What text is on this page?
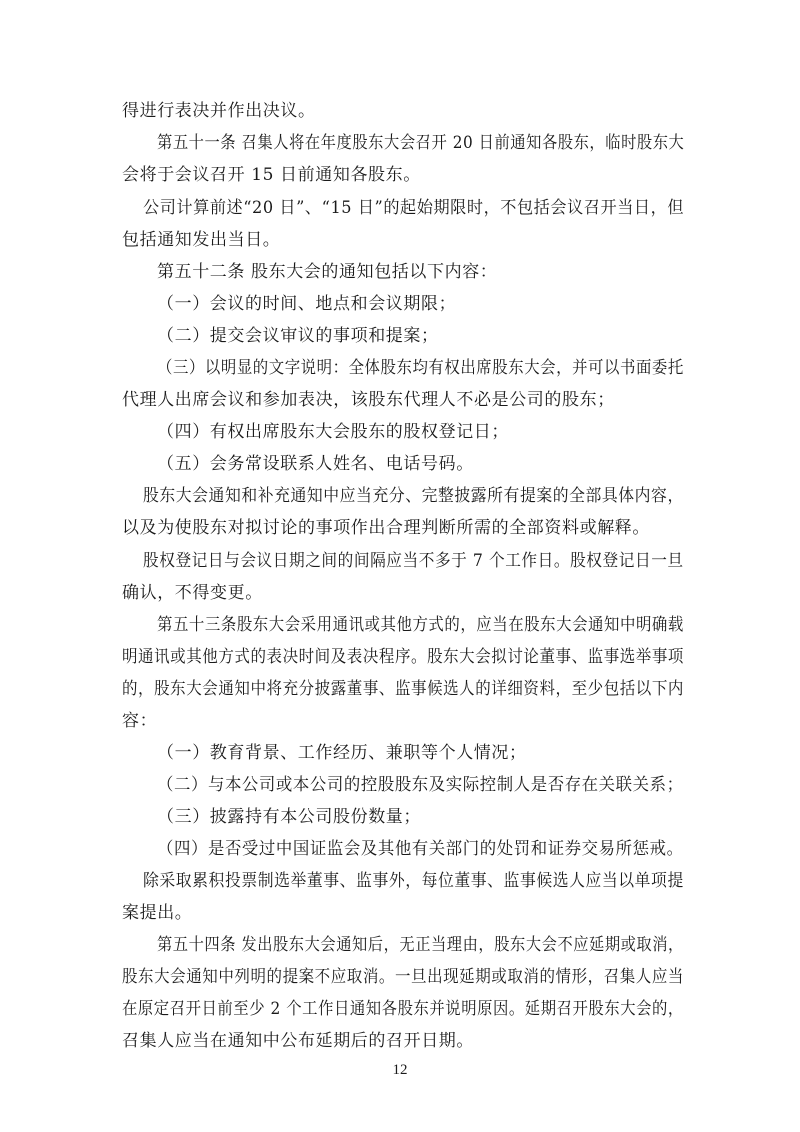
得进行表决并作出决议。
第五十一条 召集人将在年度股东大会召开 20 日前通知各股东，临时股东大
会将于会议召开 15 日前通知各股东。
公司计算前述“20 日”、“15 日”的起始期限时，不包括会议召开当日，但
包括通知发出当日。
第五十二条 股东大会的通知包括以下内容：
（一）会议的时间、地点和会议期限；
（二）提交会议审议的事项和提案；
（三）以明显的文字说明：全体股东均有权出席股东大会，并可以书面委托
代理人出席会议和参加表决，该股东代理人不必是公司的股东；
（四）有权出席股东大会股东的股权登记日；
（五）会务常设联系人姓名、电话号码。
股东大会通知和补充通知中应当充分、完整披露所有提案的全部具体内容，
以及为使股东对拟讨论的事项作出合理判断所需的全部资料或解释。
股权登记日与会议日期之间的间隔应当不多于 7 个工作日。股权登记日一旦
确认，不得变更。
第五十三条股东大会采用通讯或其他方式的，应当在股东大会通知中明确载
明通讯或其他方式的表决时间及表决程序。股东大会拟讨论董事、监事选举事项
的，股东大会通知中将充分披露董事、监事候选人的详细资料，至少包括以下内
容：
（一）教育背景、工作经历、兼职等个人情况；
（二）与本公司或本公司的控股股东及实际控制人是否存在关联关系；
（三）披露持有本公司股份数量；
（四）是否受过中国证监会及其他有关部门的处罚和证券交易所惩戒。
除采取累积投票制选举董事、监事外，每位董事、监事候选人应当以单项提
案提出。
第五十四条 发出股东大会通知后，无正当理由，股东大会不应延期或取消，
股东大会通知中列明的提案不应取消。一旦出现延期或取消的情形，召集人应当
在原定召开日前至少 2 个工作日通知各股东并说明原因。延期召开股东大会的，
召集人应当在通知中公布延期后的召开日期。
12
